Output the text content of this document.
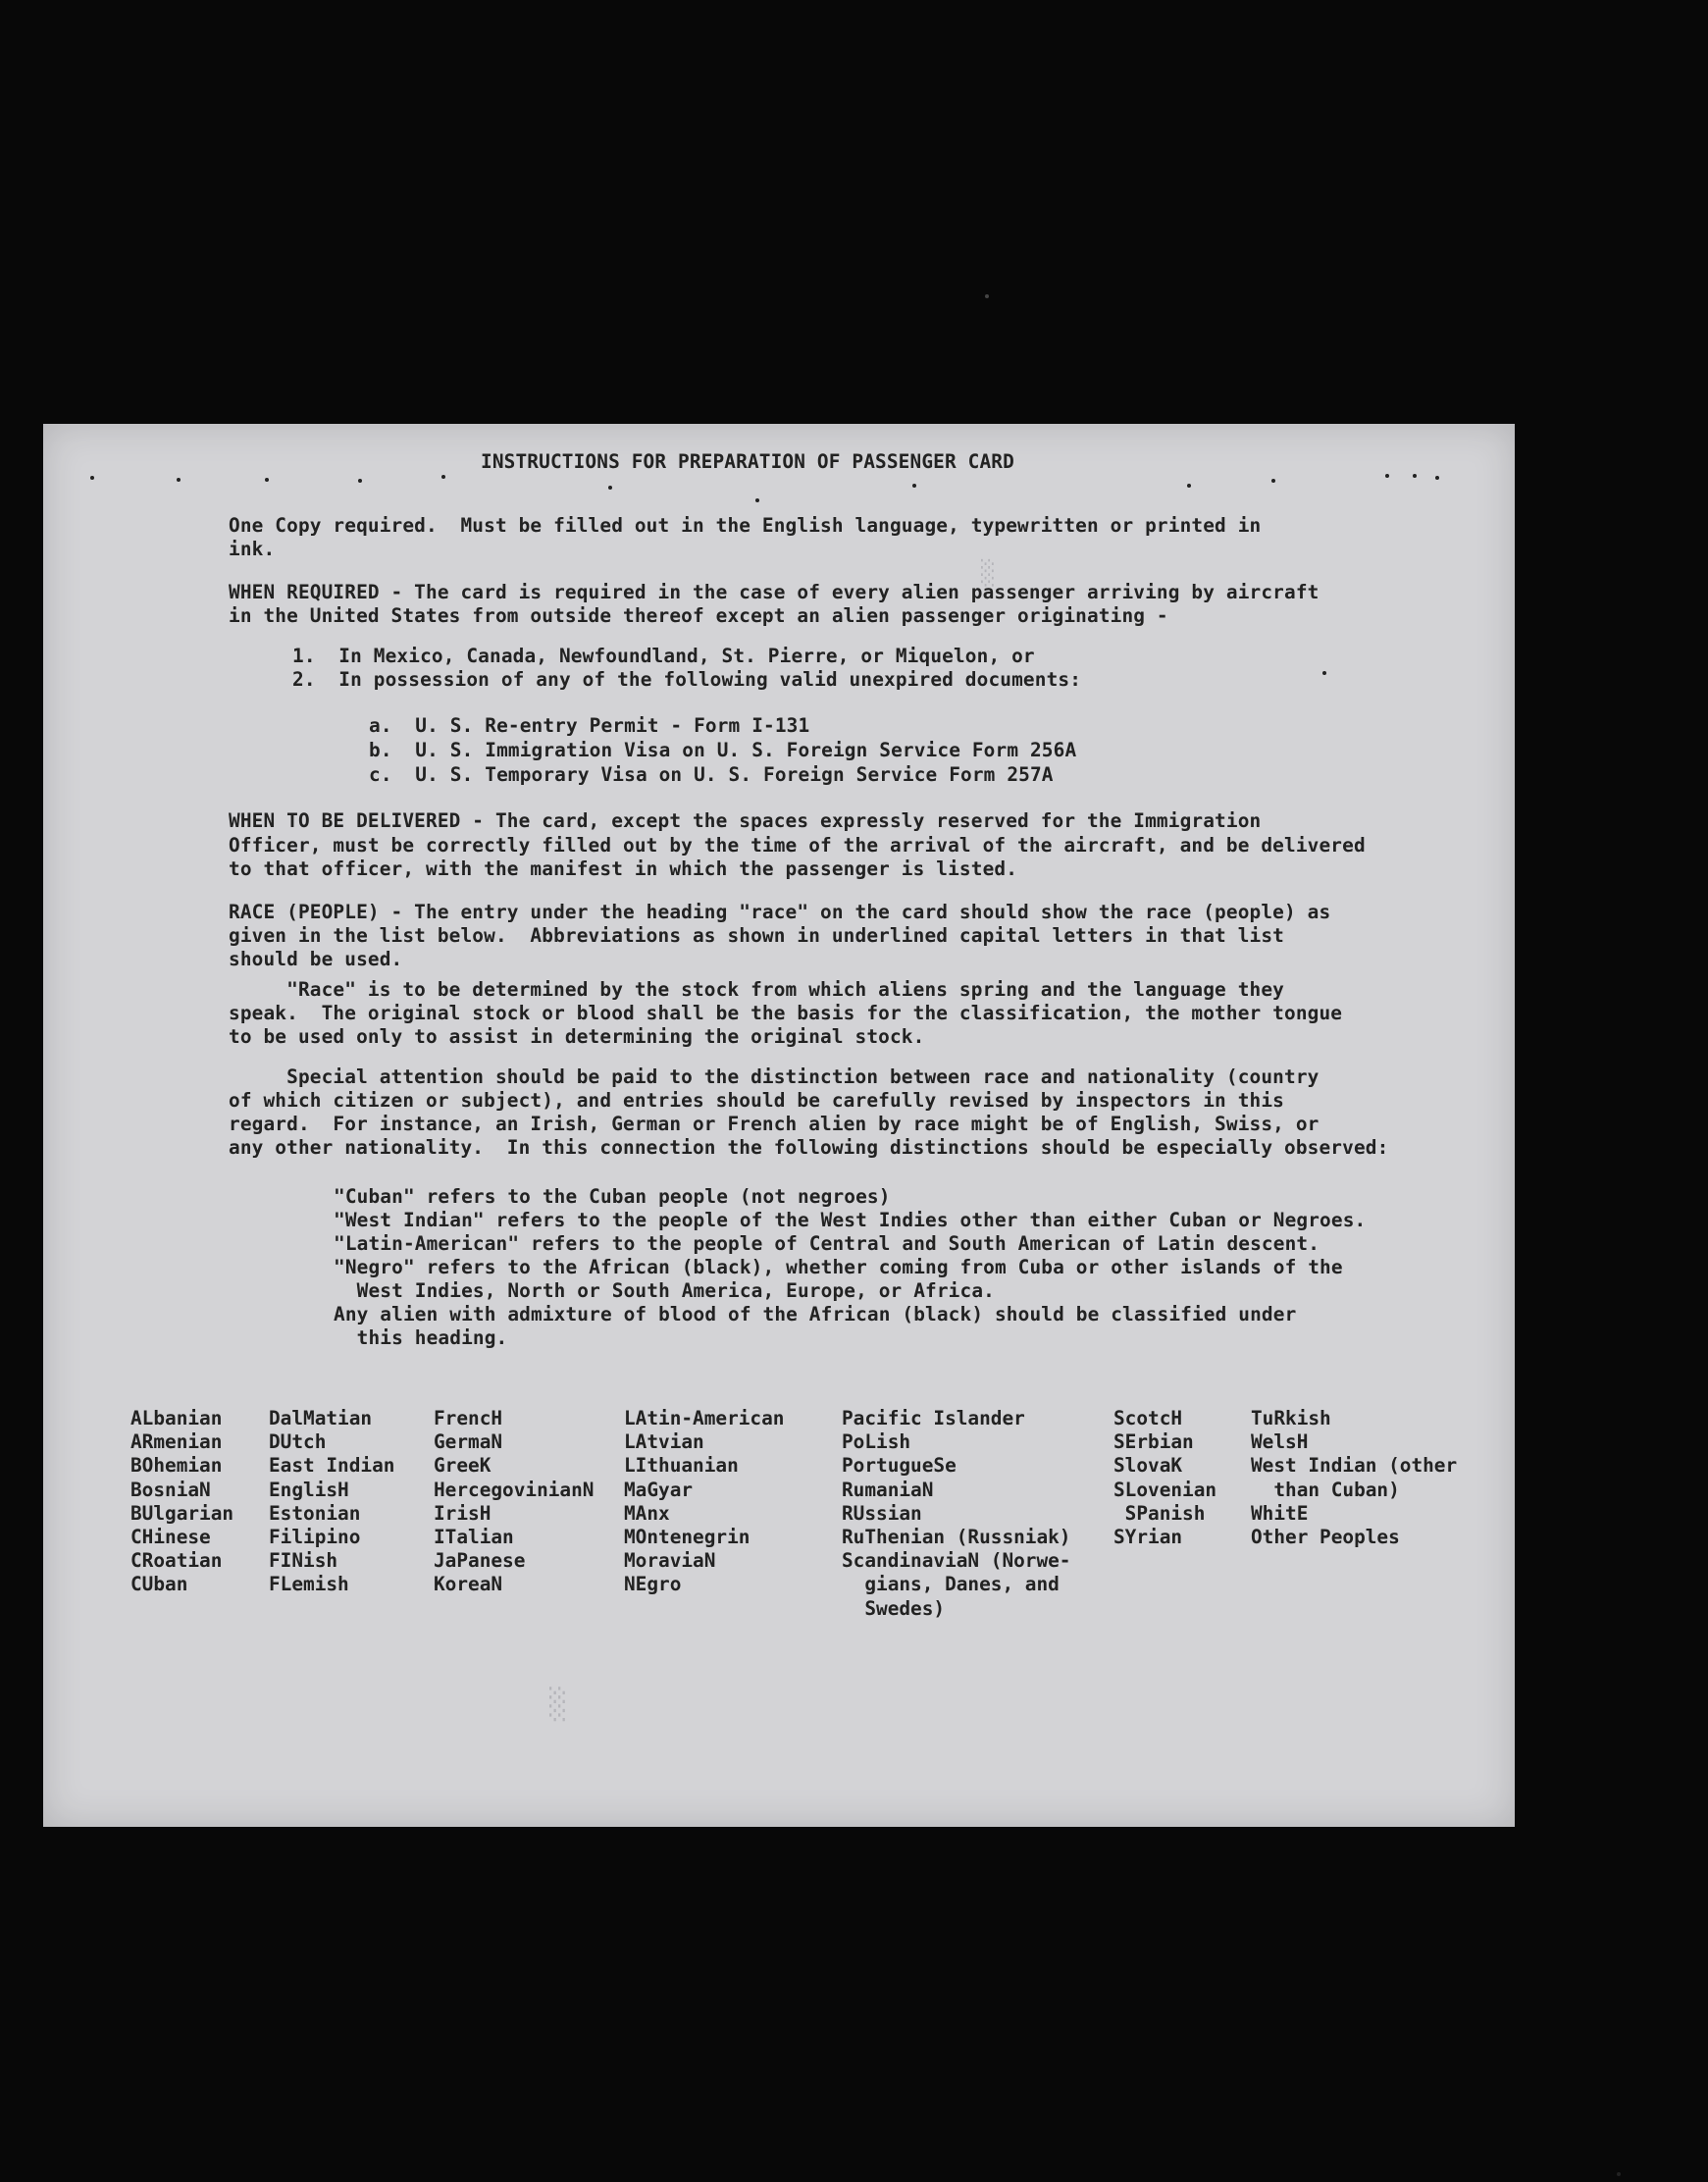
░
░
INSTRUCTIONS FOR PREPARATION OF PASSENGER CARD
One Copy required.  Must be filled out in the English language, typewritten or printed in
ink.
WHEN REQUIRED - The card is required in the case of every alien passenger arriving by aircraft
in the United States from outside thereof except an alien passenger originating -
1.  In Mexico, Canada, Newfoundland, St. Pierre, or Miquelon, or
2.  In possession of any of the following valid unexpired documents:
a.  U. S. Re-entry Permit - Form I-131
b.  U. S. Immigration Visa on U. S. Foreign Service Form 256A
c.  U. S. Temporary Visa on U. S. Foreign Service Form 257A
WHEN TO BE DELIVERED - The card, except the spaces expressly reserved for the Immigration
Officer, must be correctly filled out by the time of the arrival of the aircraft, and be delivered
to that officer, with the manifest in which the passenger is listed.
RACE (PEOPLE) - The entry under the heading "race" on the card should show the race (people) as
given in the list below.  Abbreviations as shown in underlined capital letters in that list
should be used.
"Race" is to be determined by the stock from which aliens spring and the language they
speak.  The original stock or blood shall be the basis for the classification, the mother tongue
to be used only to assist in determining the original stock.
Special attention should be paid to the distinction between race and nationality (country
of which citizen or subject), and entries should be carefully revised by inspectors in this
regard.  For instance, an Irish, German or French alien by race might be of English, Swiss, or
any other nationality.  In this connection the following distinctions should be especially observed:
"Cuban" refers to the Cuban people (not negroes)
"West Indian" refers to the people of the West Indies other than either Cuban or Negroes.
"Latin-American" refers to the people of Central and South American of Latin descent.
"Negro" refers to the African (black), whether coming from Cuba or other islands of the
West Indies, North or South America, Europe, or Africa.
Any alien with admixture of blood of the African (black) should be classified under
this heading.
ALbanian
ARmenian
BOhemian
BosniaN
BUlgarian
CHinese
CRoatian
CUban
DalMatian
DUtch
East Indian
EnglisH
Estonian
Filipino
FINish
FLemish
FrencH
GermaN
GreeK
HercegovinianN
IrisH
ITalian
JaPanese
KoreaN
LAtin-American
LAtvian
LIthuanian
MaGyar
MAnx
MOntenegrin
MoraviaN
NEgro
Pacific Islander
PoLish
PortugueSe
RumaniaN
RUssian
RuThenian (Russniak)
ScandinaviaN (Norwe-
gians, Danes, and
Swedes)
ScotcH
SErbian
SlovaK
SLovenian
SPanish
SYrian
TuRkish
WelsH
West Indian (other
than Cuban)
WhitE
Other Peoples
